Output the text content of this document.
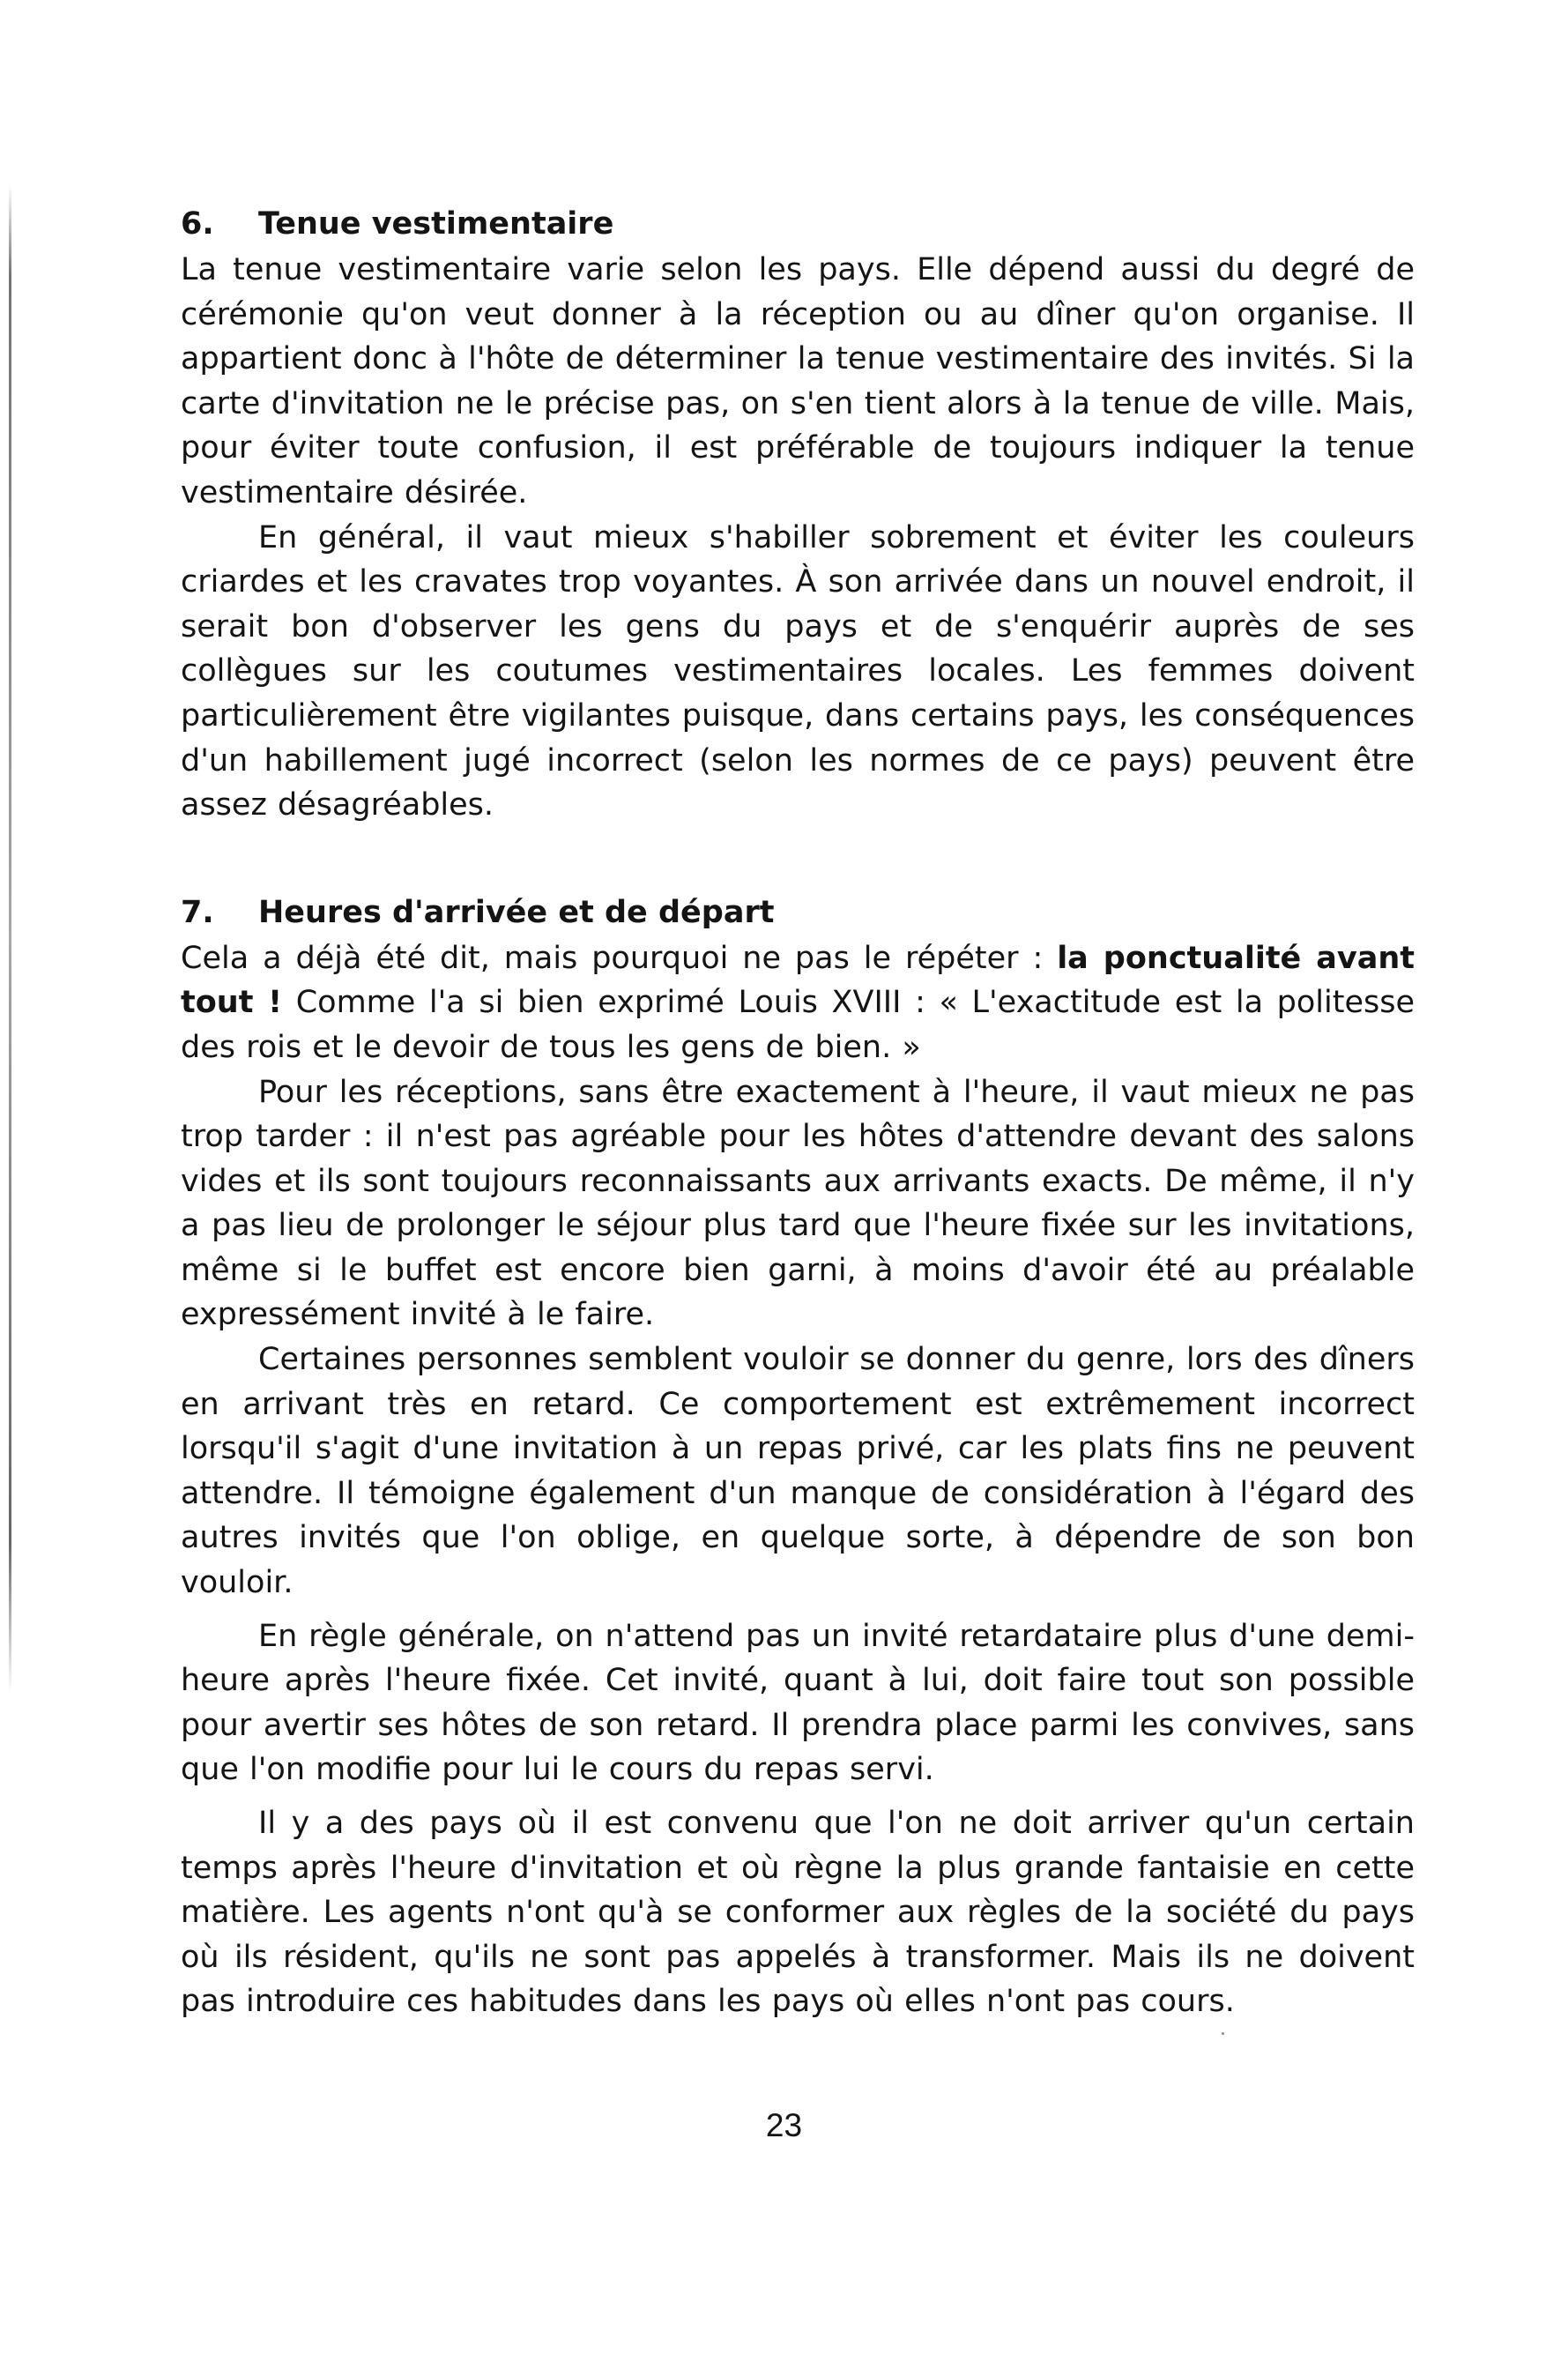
6. Tenue vestimentaire

La tenue vestimentaire varie selon les pays. Elle dépend aussi du degré de cérémonie qu'on veut donner à la réception ou au dîner qu'on organise. Il appartient donc à l'hôte de déterminer la tenue vestimentaire des invités. Si la carte d'invitation ne le précise pas, on s'en tient alors à la tenue de ville. Mais, pour éviter toute confusion, il est préférable de toujours indiquer la tenue vestimentaire désirée.

En général, il vaut mieux s'habiller sobrement et éviter les couleurs criardes et les cravates trop voyantes. À son arrivée dans un nouvel endroit, il serait bon d'observer les gens du pays et de s'enquérir auprès de ses collègues sur les coutumes vestimentaires locales. Les femmes doivent particulièrement être vigilantes puisque, dans certains pays, les conséquences d'un habillement jugé incorrect (selon les normes de ce pays) peuvent être assez désagréables.

7. Heures d'arrivée et de départ

Cela a déjà été dit, mais pourquoi ne pas le répéter : la ponctualité avant tout ! Comme l'a si bien exprimé Louis XVIII : « L'exactitude est la politesse des rois et le devoir de tous les gens de bien. »

Pour les réceptions, sans être exactement à l'heure, il vaut mieux ne pas trop tarder : il n'est pas agréable pour les hôtes d'attendre devant des salons vides et ils sont toujours reconnaissants aux arrivants exacts. De même, il n'y a pas lieu de prolonger le séjour plus tard que l'heure fixée sur les invitations, même si le buffet est encore bien garni, à moins d'avoir été au préalable expressément invité à le faire.

Certaines personnes semblent vouloir se donner du genre, lors des dîners en arrivant très en retard. Ce comportement est extrêmement incorrect lorsqu'il s'agit d'une invitation à un repas privé, car les plats fins ne peuvent attendre. Il témoigne également d'un manque de considération à l'égard des autres invités que l'on oblige, en quelque sorte, à dépendre de son bon vouloir.

En règle générale, on n'attend pas un invité retardataire plus d'une demi-heure après l'heure fixée. Cet invité, quant à lui, doit faire tout son possible pour avertir ses hôtes de son retard. Il prendra place parmi les convives, sans que l'on modifie pour lui le cours du repas servi.

Il y a des pays où il est convenu que l'on ne doit arriver qu'un certain temps après l'heure d'invitation et où règne la plus grande fantaisie en cette matière. Les agents n'ont qu'à se conformer aux règles de la société du pays où ils résident, qu'ils ne sont pas appelés à transformer. Mais ils ne doivent pas introduire ces habitudes dans les pays où elles n'ont pas cours.

23
